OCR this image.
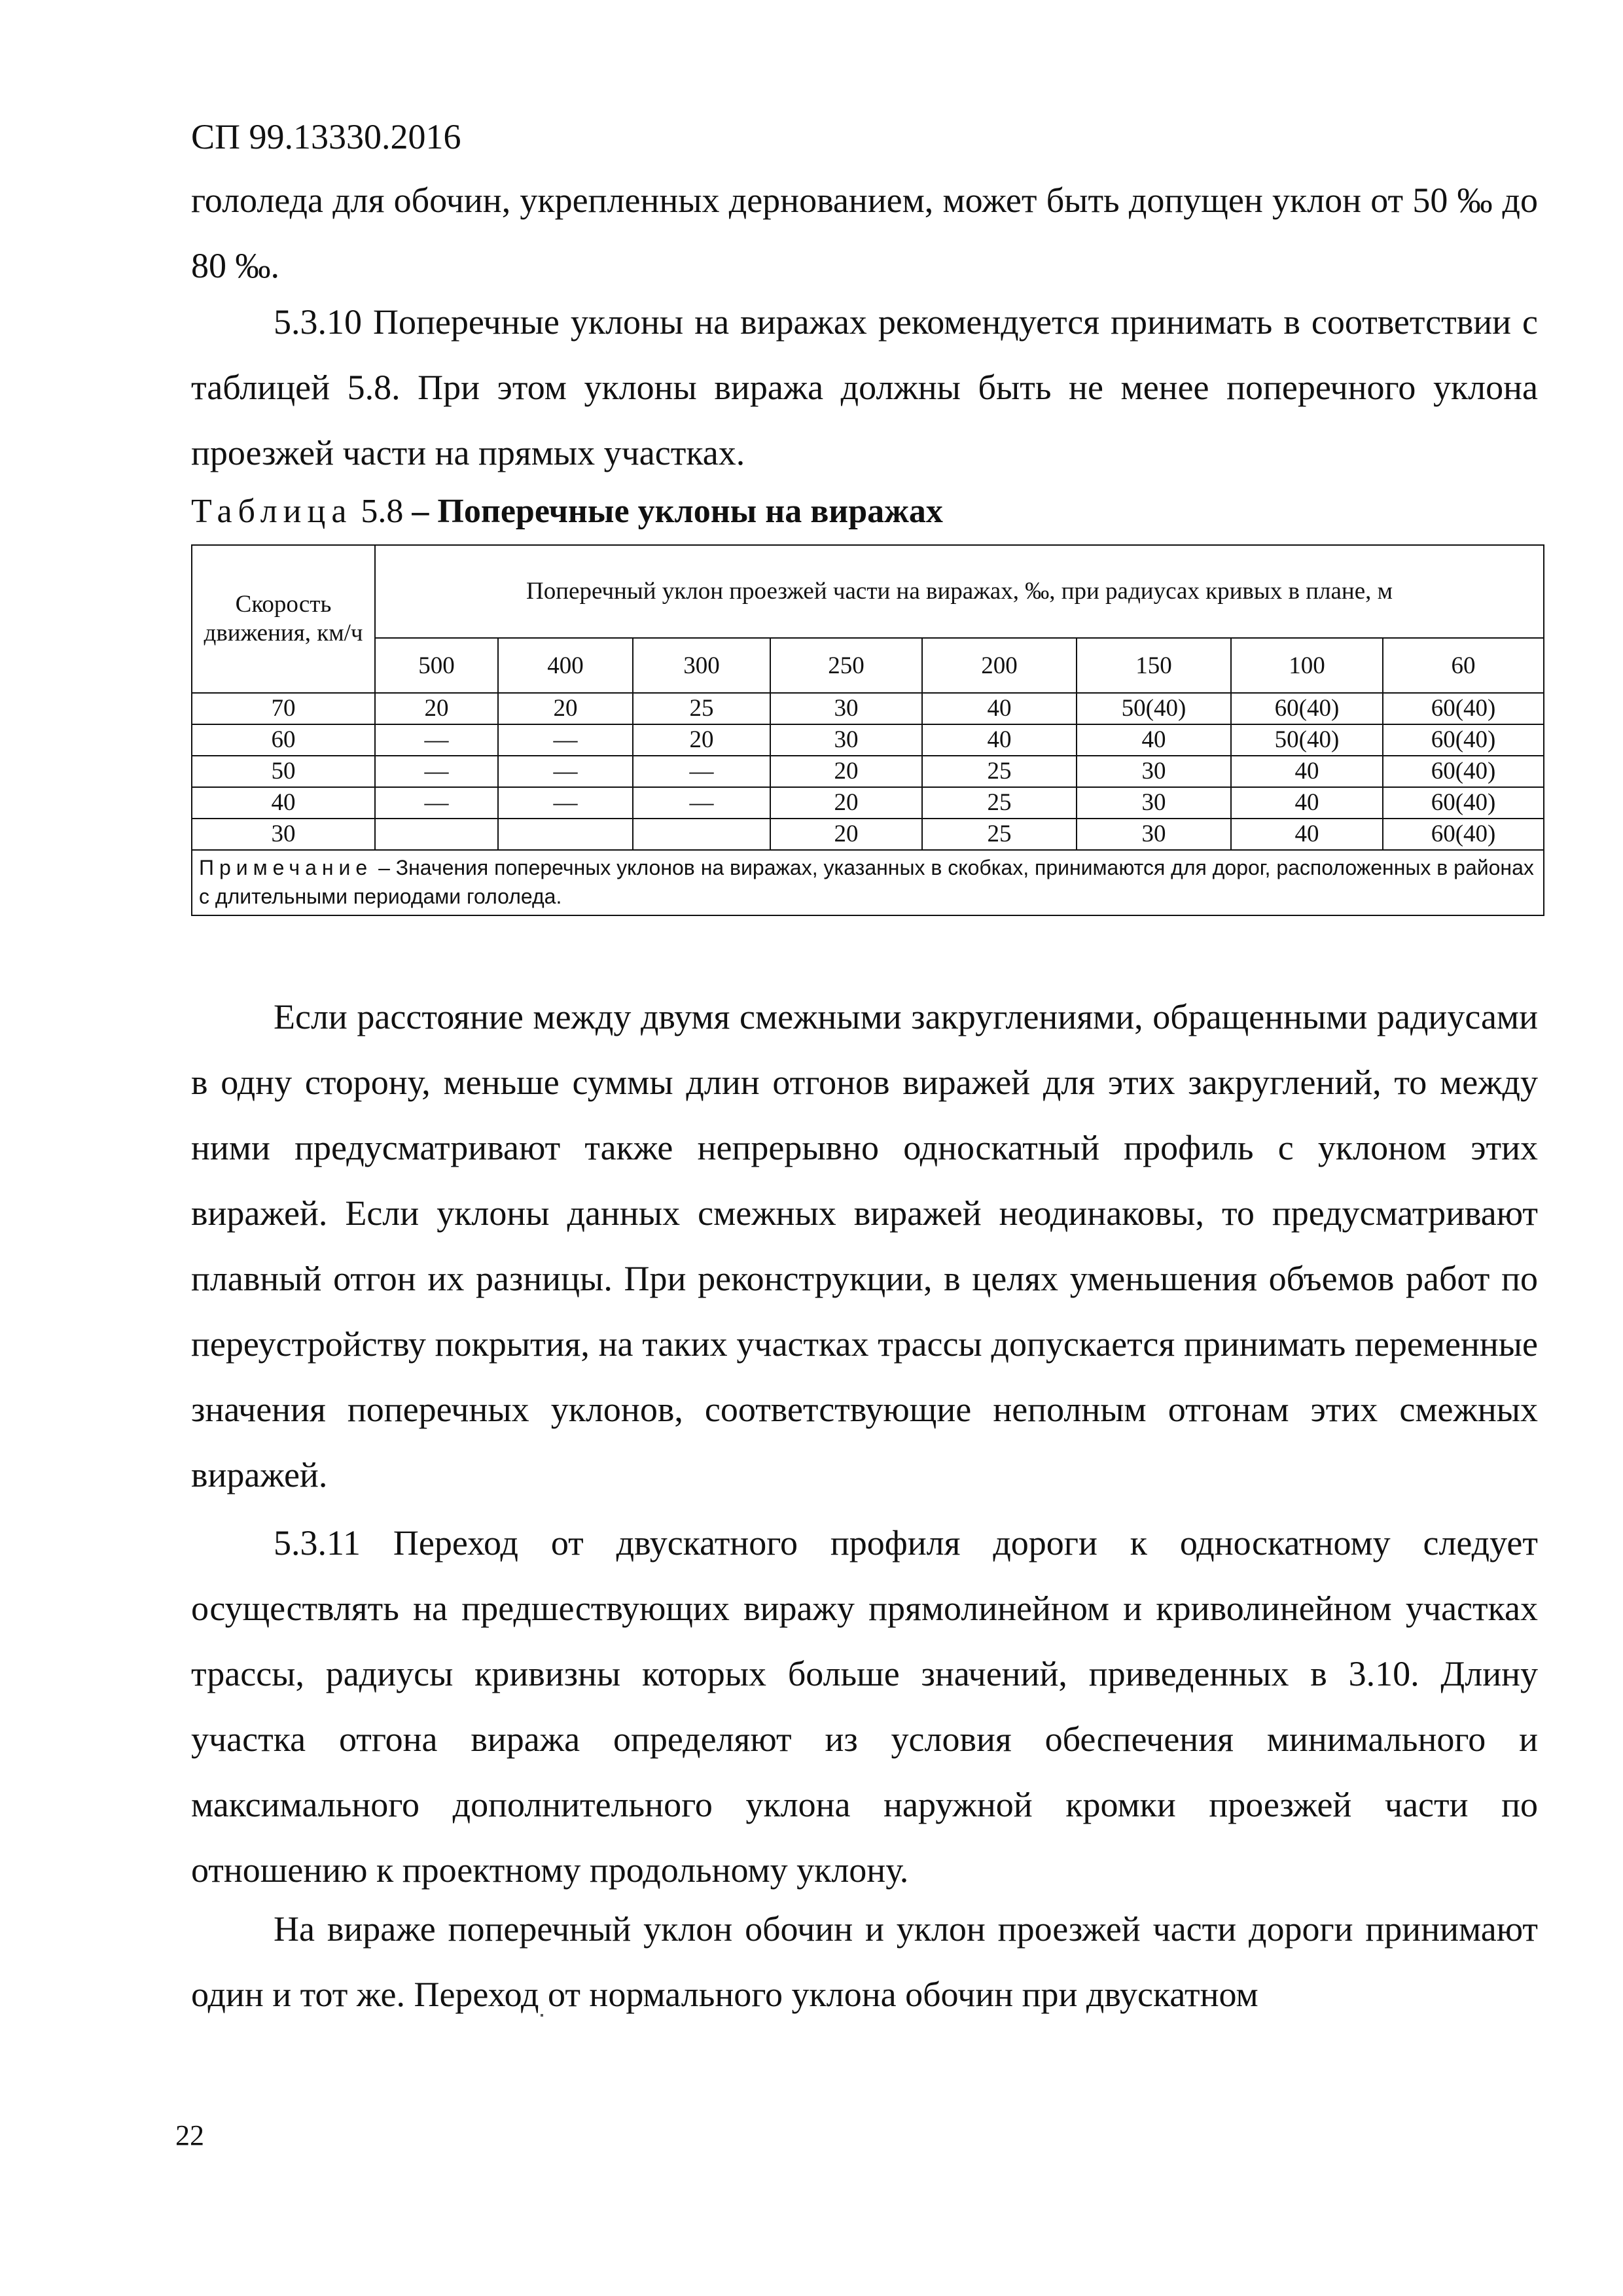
СП 99.13330.2016

гололеда для обочин, укрепленных дернованием, может быть допущен уклон от 50 ‰ до 80 ‰.

5.3.10 Поперечные уклоны на виражах рекомендуется принимать в соответствии с таблицей 5.8. При этом уклоны виража должны быть не менее поперечного уклона проезжей части на прямых участках.

Таблица 5.8 – Поперечные уклоны на виражах
Скорость движения, км/ч	Поперечный уклон проезжей части на виражах, ‰, при радиусах кривых в плане, м							
	500	400	300	250	200	150	100	60
70	20	20	25	30	40	50(40)	60(40)	60(40)
60	—	—	20	30	40	40	50(40)	60(40)
50	—	—	—	20	25	30	40	60(40)
40	—	—	—	20	25	30	40	60(40)
30				20	25	30	40	60(40)
Примечание – Значения поперечных уклонов на виражах, указанных в скобках, принимаются для дорог, расположенных в районах с длительными периодами гололеда.								

Если расстояние между двумя смежными закруглениями, обращенными радиусами в одну сторону, меньше суммы длин отгонов виражей для этих закруглений, то между ними предусматривают также непрерывно односкатный профиль с уклоном этих виражей. Если уклоны данных смежных виражей неодинаковы, то предусматривают плавный отгон их разницы. При реконструкции, в целях уменьшения объемов работ по переустройству покрытия, на таких участках трассы допускается принимать переменные значения поперечных уклонов, соответствующие неполным отгонам этих смежных виражей.

5.3.11 Переход от двускатного профиля дороги к односкатному следует осуществлять на предшествующих виражу прямолинейном и криволинейном участках трассы, радиусы кривизны которых больше значений, приведенных в 3.10. Длину участка отгона виража определяют из условия обеспечения минимального и максимального дополнительного уклона наружной кромки проезжей части по отношению к проектному продольному уклону.

На вираже поперечный уклон обочин и уклон проезжей части дороги принимают один и тот же. Переход от нормального уклона обочин при двускатном

22
